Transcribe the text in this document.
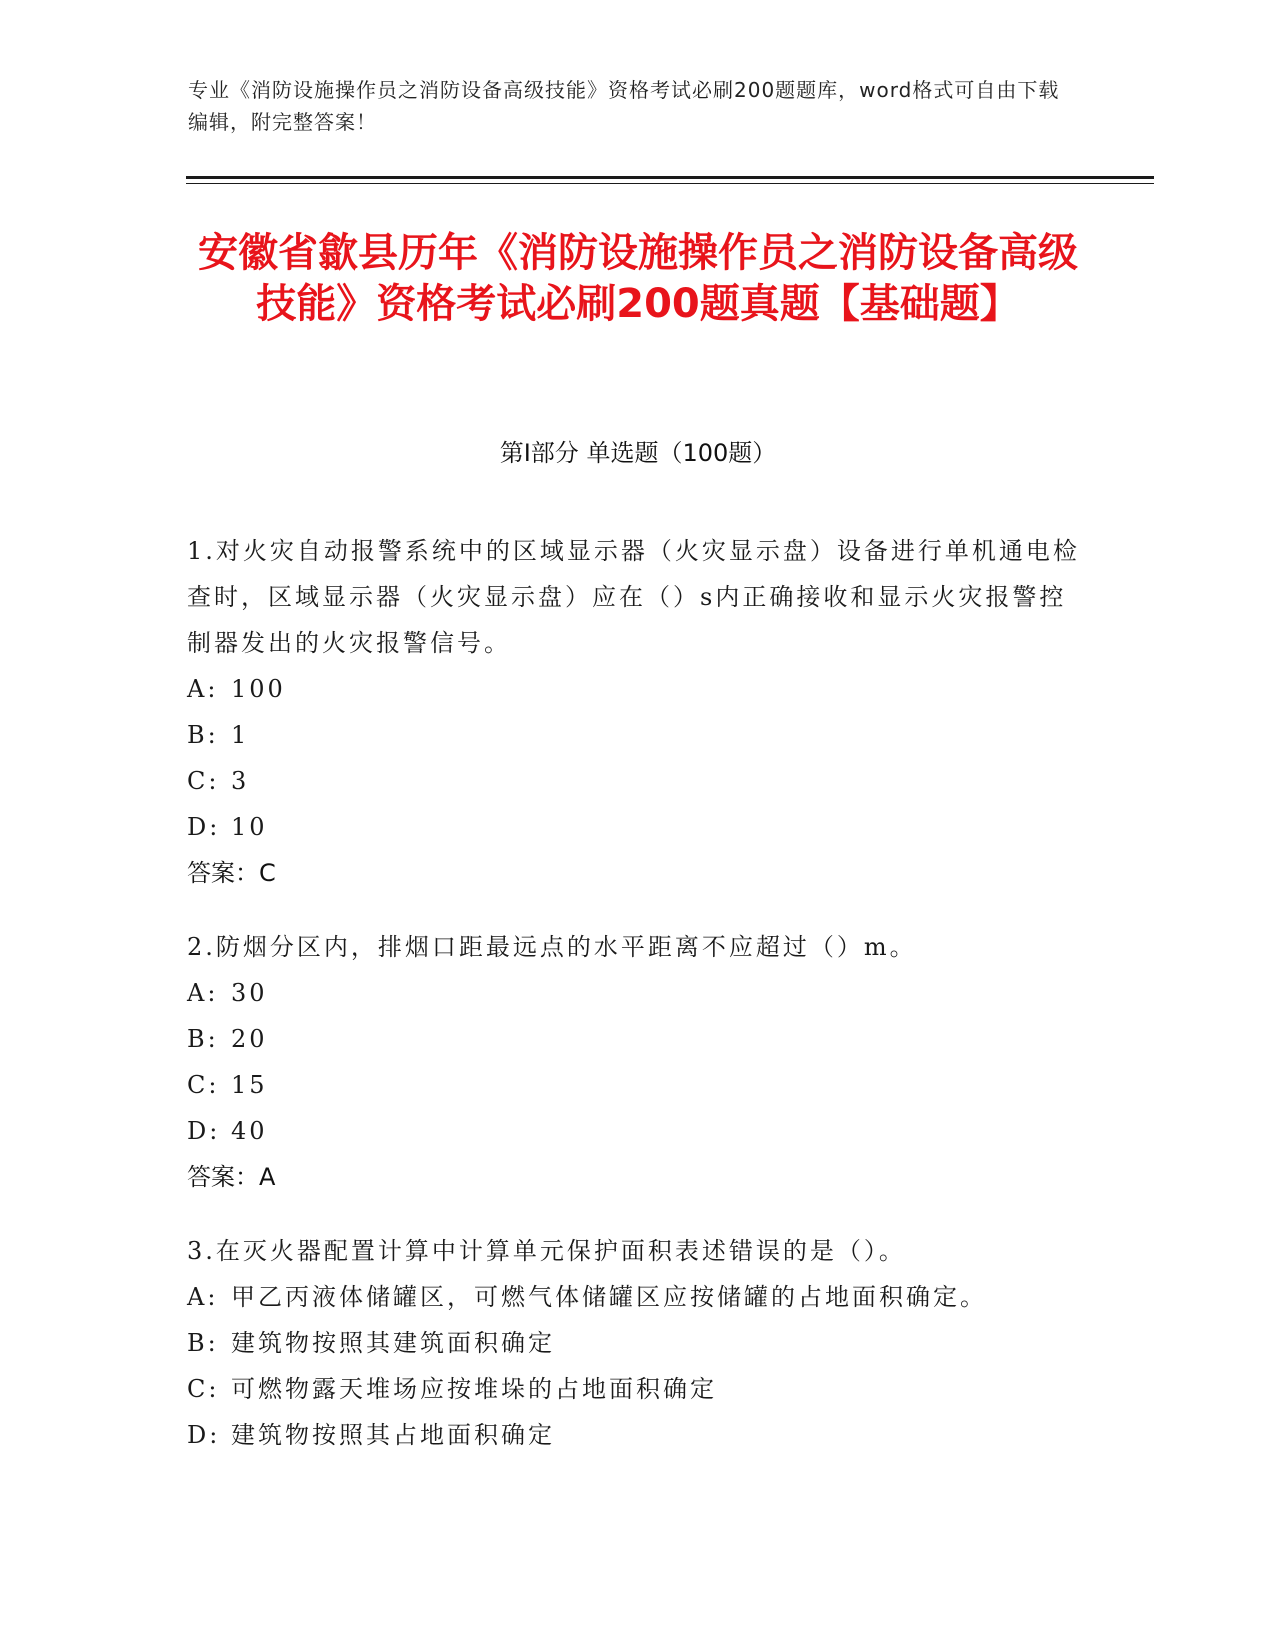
专业《消防设施操作员之消防设备高级技能》资格考试必刷200题题库，word格式可自由下载编辑，附完整答案！
安徽省歙县历年《消防设施操作员之消防设备高级技能》资格考试必刷200题真题【基础题】
第I部分 单选题（100题）
1.对火灾自动报警系统中的区域显示器（火灾显示盘）设备进行单机通电检查时，区域显示器（火灾显示盘）应在（）s内正确接收和显示火灾报警控制器发出的火灾报警信号。
A: 100
B: 1
C: 3
D: 10
答案：C
2.防烟分区内，排烟口距最远点的水平距离不应超过（）m。
A: 30
B: 20
C: 15
D: 40
答案：A
3.在灭火器配置计算中计算单元保护面积表述错误的是（）。
A: 甲乙丙液体储罐区，可燃气体储罐区应按储罐的占地面积确定。
B: 建筑物按照其建筑面积确定
C: 可燃物露天堆场应按堆垛的占地面积确定
D: 建筑物按照其占地面积确定
